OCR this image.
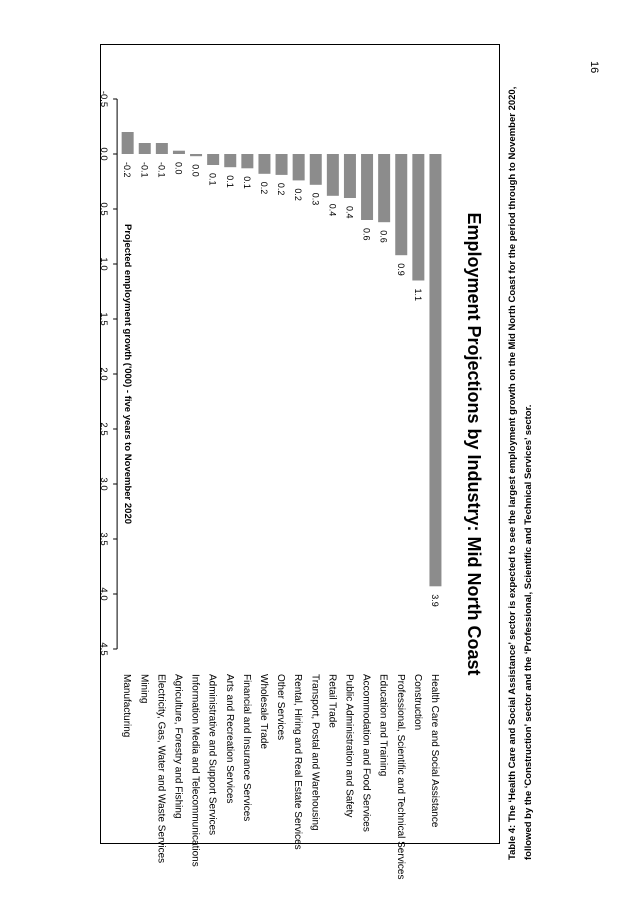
16
Employment Projections by Industry: Mid North Coast
3.9
1.1
0.9
0.6
0.6
0.4
0.4
0.3
0.2
0.2
0.2
0.1
0.1
0.1
0.0
0.0
-0.1
-0.1
-0.2
Health Care and Social Assistance
Construction
Professional, Scientific and Technical Services
Education and Training
Accommodation and Food Services
Public Administration and Safety
Retail Trade
Transport, Postal and Warehousing
Rental, Hiring and Real Estate Services
Other Services
Wholesale Trade
Financial and Insurance Services
Arts and Recreation Services
Administrative and Support Services
Information Media and Telecommunications
Agriculture, Forestry and Fishing
Electricity, Gas, Water and Waste Services
Mining
Manufacturing
-0.5
0.0
0.5
1.0
1.5
2.0
2.5
3.0
3.5
4.0
4.5
Projected employment growth ('000) - five years to November 2020	Table 4: The ‘Health Care and Social Assistance’ sector is expected to see the largest employment growth on the Mid North Coast for the period through to November 2020, followed by the ‘Construction’ sector and the ‘Professional, Scientific and Technical Services’ sector.
